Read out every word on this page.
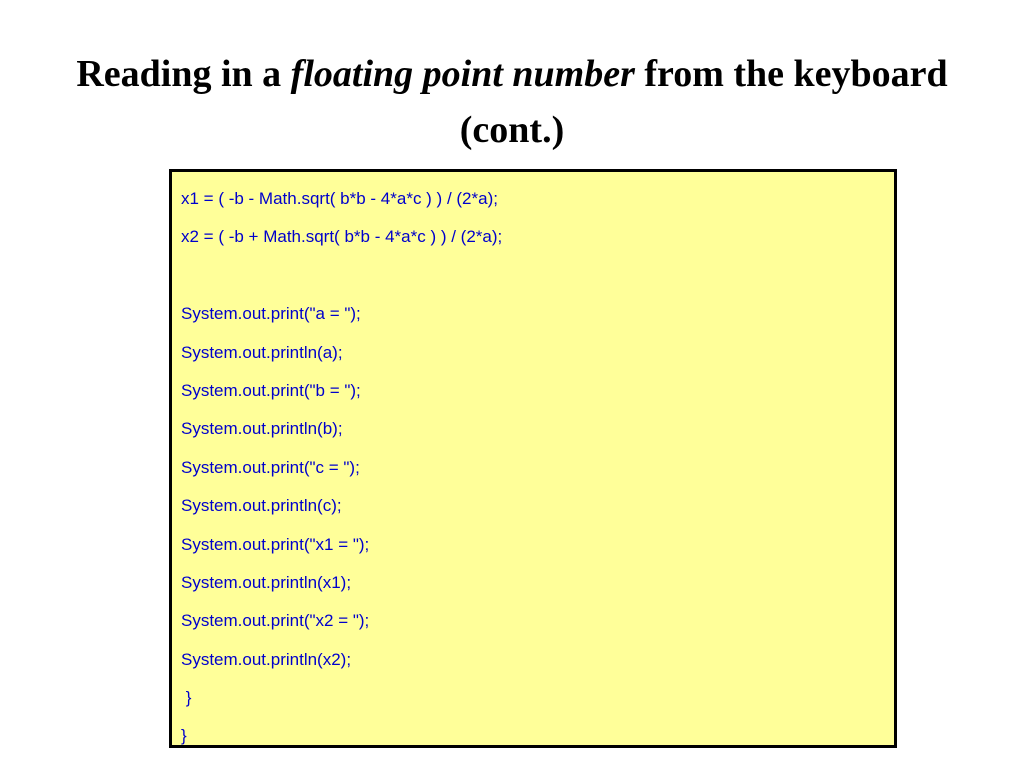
Reading in a floating point number from the keyboard (cont.)
x1 = ( -b - Math.sqrt( b*b - 4*a*c ) ) / (2*a);
x2 = ( -b + Math.sqrt( b*b - 4*a*c ) ) / (2*a);
System.out.print("a = ");
System.out.println(a);
System.out.print("b = ");
System.out.println(b);
System.out.print("c = ");
System.out.println(c);
System.out.print("x1 = ");
System.out.println(x1);
System.out.print("x2 = ");
System.out.println(x2);
}
}
